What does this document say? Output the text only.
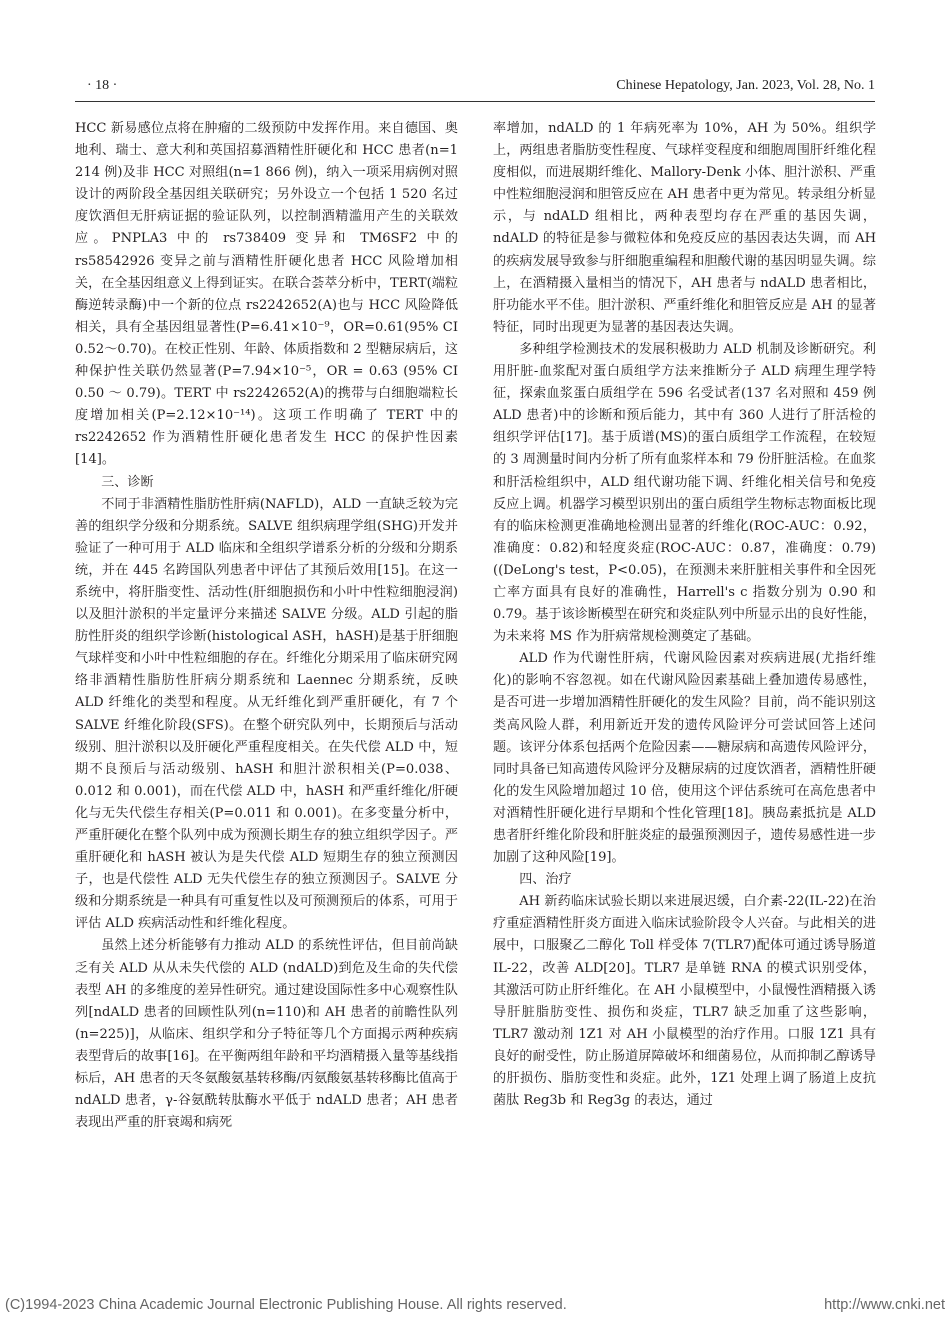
· 18 ·	Chinese Hepatology, Jan. 2023, Vol. 28, No. 1

HCC 新易感位点将在肿瘤的二级预防中发挥作用。来自德国、奥地利、瑞士、意大利和英国招募酒精性肝硬化和 HCC 患者(n=1 214 例)及非 HCC 对照组(n=1 866 例)，纳入一项采用病例对照设计的两阶段全基因组关联研究；另外设立一个包括 1 520 名过度饮酒但无肝病证据的验证队列，以控制酒精滥用产生的关联效应。PNPLA3 中的 rs738409 变异和 TM6SF2 中的 rs58542926 变异之前与酒精性肝硬化患者 HCC 风险增加相关，在全基因组意义上得到证实。在联合荟萃分析中，TERT(端粒酶逆转录酶)中一个新的位点 rs2242652(A)也与 HCC 风险降低相关，具有全基因组显著性(P=6.41×10⁻⁹，OR=0.61(95% CI 0.52～0.70)。在校正性别、年龄、体质指数和 2 型糖尿病后，这种保护性关联仍然显著(P=7.94×10⁻⁵，OR = 0.63 (95% CI 0.50 ～ 0.79)。TERT 中 rs2242652(A)的携带与白细胞端粒长度增加相关(P=2.12×10⁻¹⁴)。这项工作明确了 TERT 中的 rs2242652 作为酒精性肝硬化患者发生 HCC 的保护性因素[14]。

三、诊断

不同于非酒精性脂肪性肝病(NAFLD)，ALD 一直缺乏较为完善的组织学分级和分期系统。SALVE 组织病理学组(SHG)开发并验证了一种可用于 ALD 临床和全组织学谱系分析的分级和分期系统，并在 445 名跨国队列患者中评估了其预后效用[15]。在这一系统中，将肝脂变性、活动性(肝细胞损伤和小叶中性粒细胞浸润)以及胆汁淤积的半定量评分来描述 SALVE 分级。ALD 引起的脂肪性肝炎的组织学诊断(histological ASH，hASH)是基于肝细胞气球样变和小叶中性粒细胞的存在。纤维化分期采用了临床研究网络非酒精性脂肪性肝病分期系统和 Laennec 分期系统，反映 ALD 纤维化的类型和程度。从无纤维化到严重肝硬化，有 7 个 SALVE 纤维化阶段(SFS)。在整个研究队列中，长期预后与活动级别、胆汁淤积以及肝硬化严重程度相关。在失代偿 ALD 中，短期不良预后与活动级别、hASH 和胆汁淤积相关(P=0.038、0.012 和 0.001)，而在代偿 ALD 中，hASH 和严重纤维化/肝硬化与无失代偿生存相关(P=0.011 和 0.001)。在多变量分析中，严重肝硬化在整个队列中成为预测长期生存的独立组织学因子。严重肝硬化和 hASH 被认为是失代偿 ALD 短期生存的独立预测因子，也是代偿性 ALD 无失代偿生存的独立预测因子。SALVE 分级和分期系统是一种具有可重复性以及可预测预后的体系，可用于评估 ALD 疾病活动性和纤维化程度。

虽然上述分析能够有力推动 ALD 的系统性评估，但目前尚缺乏有关 ALD 从从未失代偿的 ALD (ndALD)到危及生命的失代偿表型 AH 的多维度的差异性研究。通过建设国际性多中心观察性队列[ndALD 患者的回顾性队列(n=110)和 AH 患者的前瞻性队列(n=225)]，从临床、组织学和分子特征等几个方面揭示两种疾病表型背后的故事[16]。在平衡两组年龄和平均酒精摄入量等基线指标后，AH 患者的天冬氨酸氨基转移酶/丙氨酸氨基转移酶比值高于 ndALD 患者，γ-谷氨酰转肽酶水平低于 ndALD 患者；AH 患者表现出严重的肝衰竭和病死

率增加，ndALD 的 1 年病死率为 10%，AH 为 50%。组织学上，两组患者脂肪变性程度、气球样变程度和细胞周围肝纤维化程度相似，而进展期纤维化、Mallory-Denk 小体、胆汁淤积、严重中性粒细胞浸润和胆管反应在 AH 患者中更为常见。转录组分析显示，与 ndALD 组相比，两种表型均存在严重的基因失调，ndALD 的特征是参与微粒体和免疫反应的基因表达失调，而 AH 的疾病发展导致参与肝细胞重编程和胆酸代谢的基因明显失调。综上，在酒精摄入量相当的情况下，AH 患者与 ndALD 患者相比，肝功能水平不佳。胆汁淤积、严重纤维化和胆管反应是 AH 的显著特征，同时出现更为显著的基因表达失调。

多种组学检测技术的发展积极助力 ALD 机制及诊断研究。利用肝脏-血浆配对蛋白质组学方法来推断分子 ALD 病理生理学特征，探索血浆蛋白质组学在 596 名受试者(137 名对照和 459 例 ALD 患者)中的诊断和预后能力，其中有 360 人进行了肝活检的组织学评估[17]。基于质谱(MS)的蛋白质组学工作流程，在较短的 3 周测量时间内分析了所有血浆样本和 79 份肝脏活检。在血浆和肝活检组织中，ALD 组代谢功能下调、纤维化相关信号和免疫反应上调。机器学习模型识别出的蛋白质组学生物标志物面板比现有的临床检测更准确地检测出显著的纤维化(ROC-AUC：0.92，准确度：0.82)和轻度炎症(ROC-AUC：0.87，准确度：0.79)((DeLong's test，P<0.05)，在预测未来肝脏相关事件和全因死亡率方面具有良好的准确性，Harrell's c 指数分别为 0.90 和 0.79。基于该诊断模型在研究和炎症队列中所显示出的良好性能，为未来将 MS 作为肝病常规检测奠定了基础。

ALD 作为代谢性肝病，代谢风险因素对疾病进展(尤指纤维化)的影响不容忽视。如在代谢风险因素基础上叠加遗传易感性，是否可进一步增加酒精性肝硬化的发生风险？目前，尚不能识别这类高风险人群，利用新近开发的遗传风险评分可尝试回答上述问题。该评分体系包括两个危险因素——糖尿病和高遗传风险评分，同时具备已知高遗传风险评分及糖尿病的过度饮酒者，酒精性肝硬化的发生风险增加超过 10 倍，使用这个评估系统可在高危患者中对酒精性肝硬化进行早期和个性化管理[18]。胰岛素抵抗是 ALD 患者肝纤维化阶段和肝脏炎症的最强预测因子，遗传易感性进一步加剧了这种风险[19]。

四、治疗

AH 新药临床试验长期以来进展迟缓，白介素-22(IL-22)在治疗重症酒精性肝炎方面进入临床试验阶段令人兴奋。与此相关的进展中，口服聚乙二醇化 Toll 样受体 7(TLR7)配体可通过诱导肠道 IL-22，改善 ALD[20]。TLR7 是单链 RNA 的模式识别受体，其激活可防止肝纤维化。在 AH 小鼠模型中，小鼠慢性酒精摄入诱导肝脏脂肪变性、损伤和炎症，TLR7 缺乏加重了这些影响，TLR7 激动剂 1Z1 对 AH 小鼠模型的治疗作用。口服 1Z1 具有良好的耐受性，防止肠道屏障破坏和细菌易位，从而抑制乙醇诱导的肝损伤、脂肪变性和炎症。此外，1Z1 处理上调了肠道上皮抗菌肽 Reg3b 和 Reg3g 的表达，通过

(C)1994-2023 China Academic Journal Electronic Publishing House. All rights reserved.	http://www.cnki.net
